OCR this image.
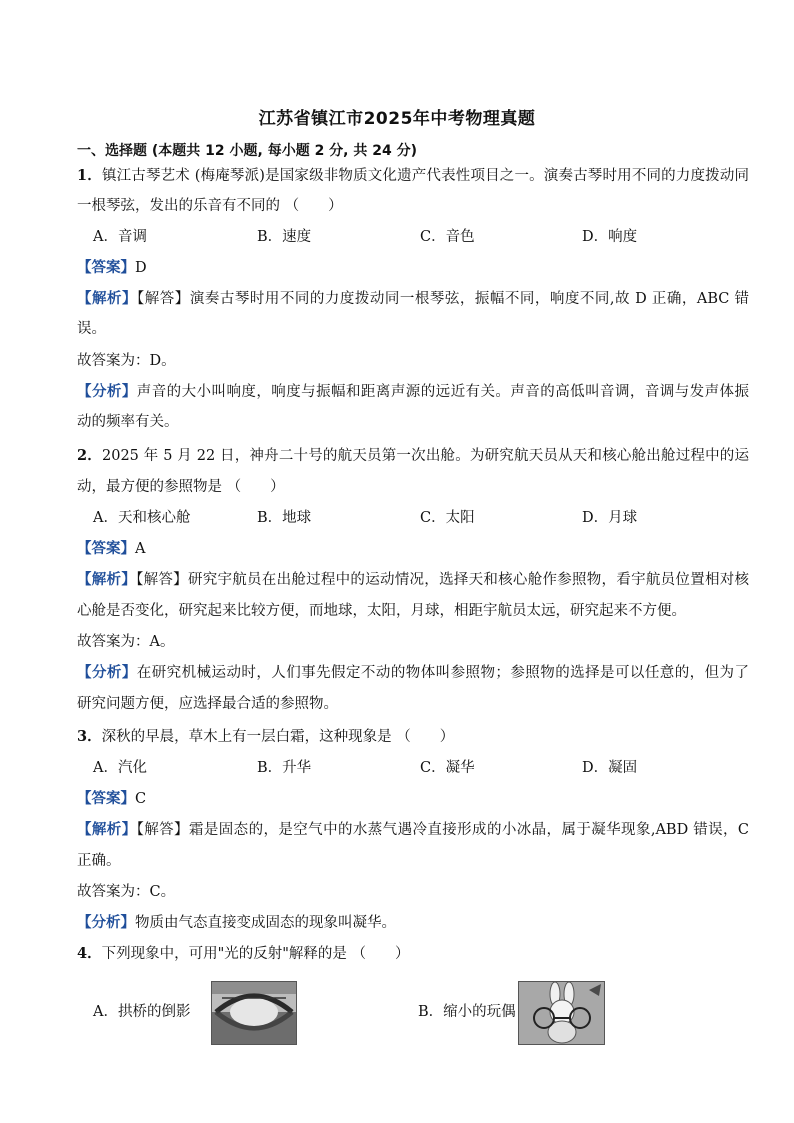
江苏省镇江市2025年中考物理真题
一、选择题 (本题共 12 小题, 每小题 2 分, 共 24 分)
1．镇江古琴艺术 (梅庵琴派)是国家级非物质文化遗产代表性项目之一。演奏古琴时用不同的力度拨动同
一根琴弦，发出的乐音有不同的 （　　）
A．音调	B．速度	C．音色	D．响度
【答案】D
【解析】【解答】演奏古琴时用不同的力度拨动同一根琴弦，振幅不同，响度不同,故 D 正确，ABC 错
误。
故答案为：D。
【分析】声音的大小叫响度，响度与振幅和距离声源的远近有关。声音的高低叫音调，音调与发声体振
动的频率有关。
2．2025 年 5 月 22 日，神舟二十号的航天员第一次出舱。为研究航天员从天和核心舱出舱过程中的运
动，最方便的参照物是 （　　）
A．天和核心舱	B．地球	C．太阳	D．月球
【答案】A
【解析】【解答】研究宇航员在出舱过程中的运动情况，选择天和核心舱作参照物，看宇航员位置相对核
心舱是否变化，研究起来比较方便，而地球，太阳，月球，相距宇航员太远，研究起来不方便。
故答案为：A。
【分析】在研究机械运动时，人们事先假定不动的物体叫参照物；参照物的选择是可以任意的，但为了
研究问题方便，应选择最合适的参照物。
3．深秋的早晨，草木上有一层白霜，这种现象是 （　　）
A．汽化	B．升华	C．凝华	D．凝固
【答案】C
【解析】【解答】霜是固态的，是空气中的水蒸气遇冷直接形成的小冰晶，属于凝华现象,ABD 错误，C
正确。
故答案为：C。
【分析】物质由气态直接变成固态的现象叫凝华。
4．下列现象中，可用"光的反射"解释的是 （　　）
A．拱桥的倒影	B．缩小的玩偶
